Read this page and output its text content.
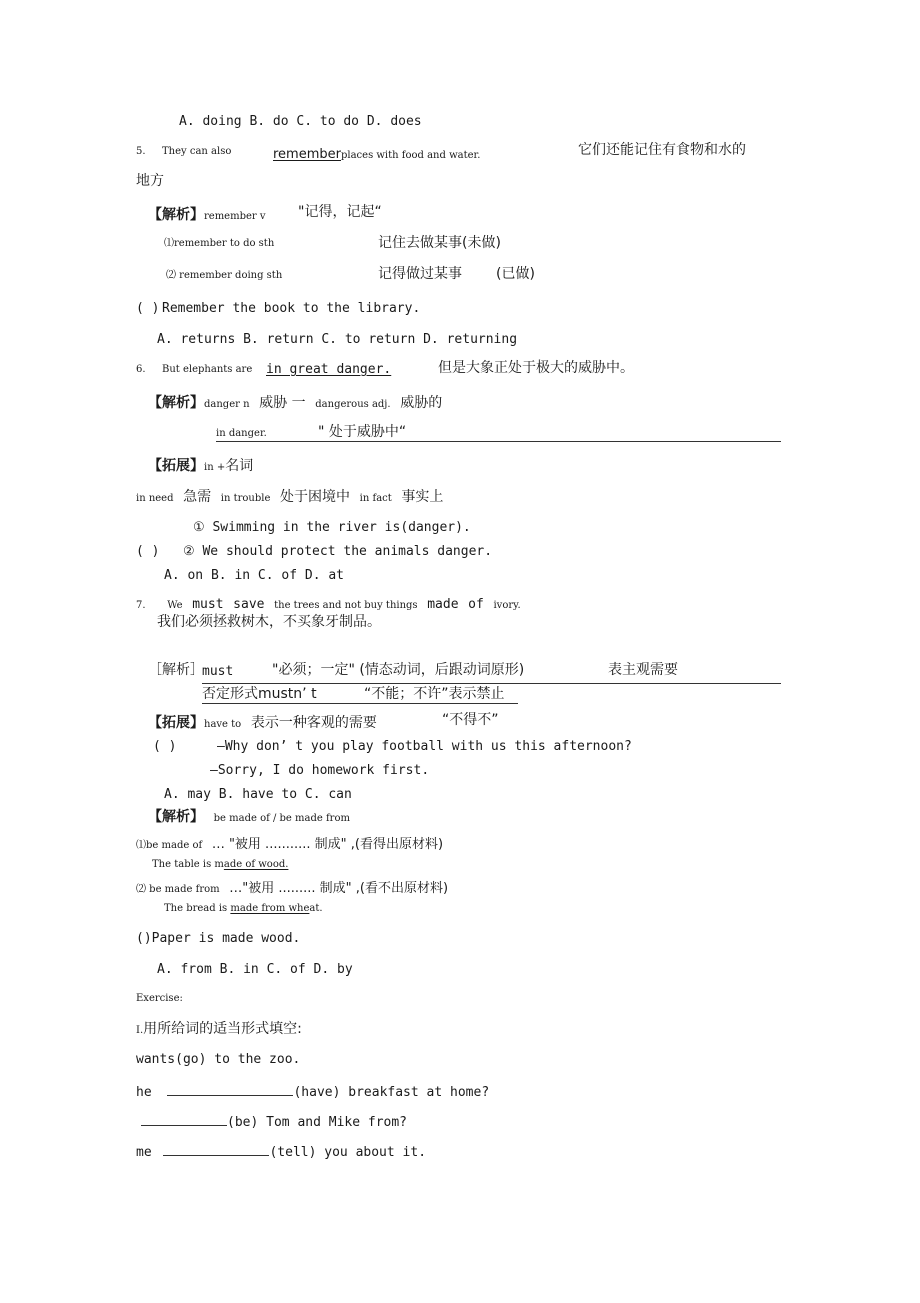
A. doing B. do C. to do D. does
5. They can also	rememberplaces with food and water.	它们还能记住有食物和水的
地方
【解析】remember v "记得，记起“
⑴remember to do sth	记住去做某事(未做)
⑵ remember doing sth	记得做过某事 (已做)
( ) Remember the book to the library.
A. returns B. return C. to return D. returning
6. But elephants are in great danger.	但是大象正处于极大的威胁中。
【解析】danger n 威胁 一 dangerous adj. 威胁的
in danger.	" 处于威胁中“
【拓展】in +名词
in need 急需 in trouble 处于困境中 in fact 事实上
① Swimming in the river is(danger).
( ) ② We should protect the animals danger.
A. on B. in C. of D. at
7. We must save the trees and not buy things made of ivory.
我们必须拯救树木，不买象牙制品。
［解析］
must	"必须；一定" (情态动词，后跟动词原形)	表主观需要
否定形式mustn’ t	“不能；不许”表示禁止
【拓展】have to 表示一种客观的需要	“不得不”
( )	—Why don’ t you play football with us this afternoon?
—Sorry, I do homework first.
A. may B. have to C. can
【解析】 be made of / be made from
⑴be made of … "被用 ........... 制成" ,(看得出原材料)
The table is made of wood.
⑵ be made from …"被用 ......... 制成" ,(看不出原材料)
The bread is made from wheat.
()Paper is made wood.
A. from B. in C. of D. by
Exercise:
Ⅰ.用所给词的适当形式填空:
wants(go) to the zoo.
he	(have) breakfast at home?
(be) Tom and Mike from?
me	(tell) you about it.
